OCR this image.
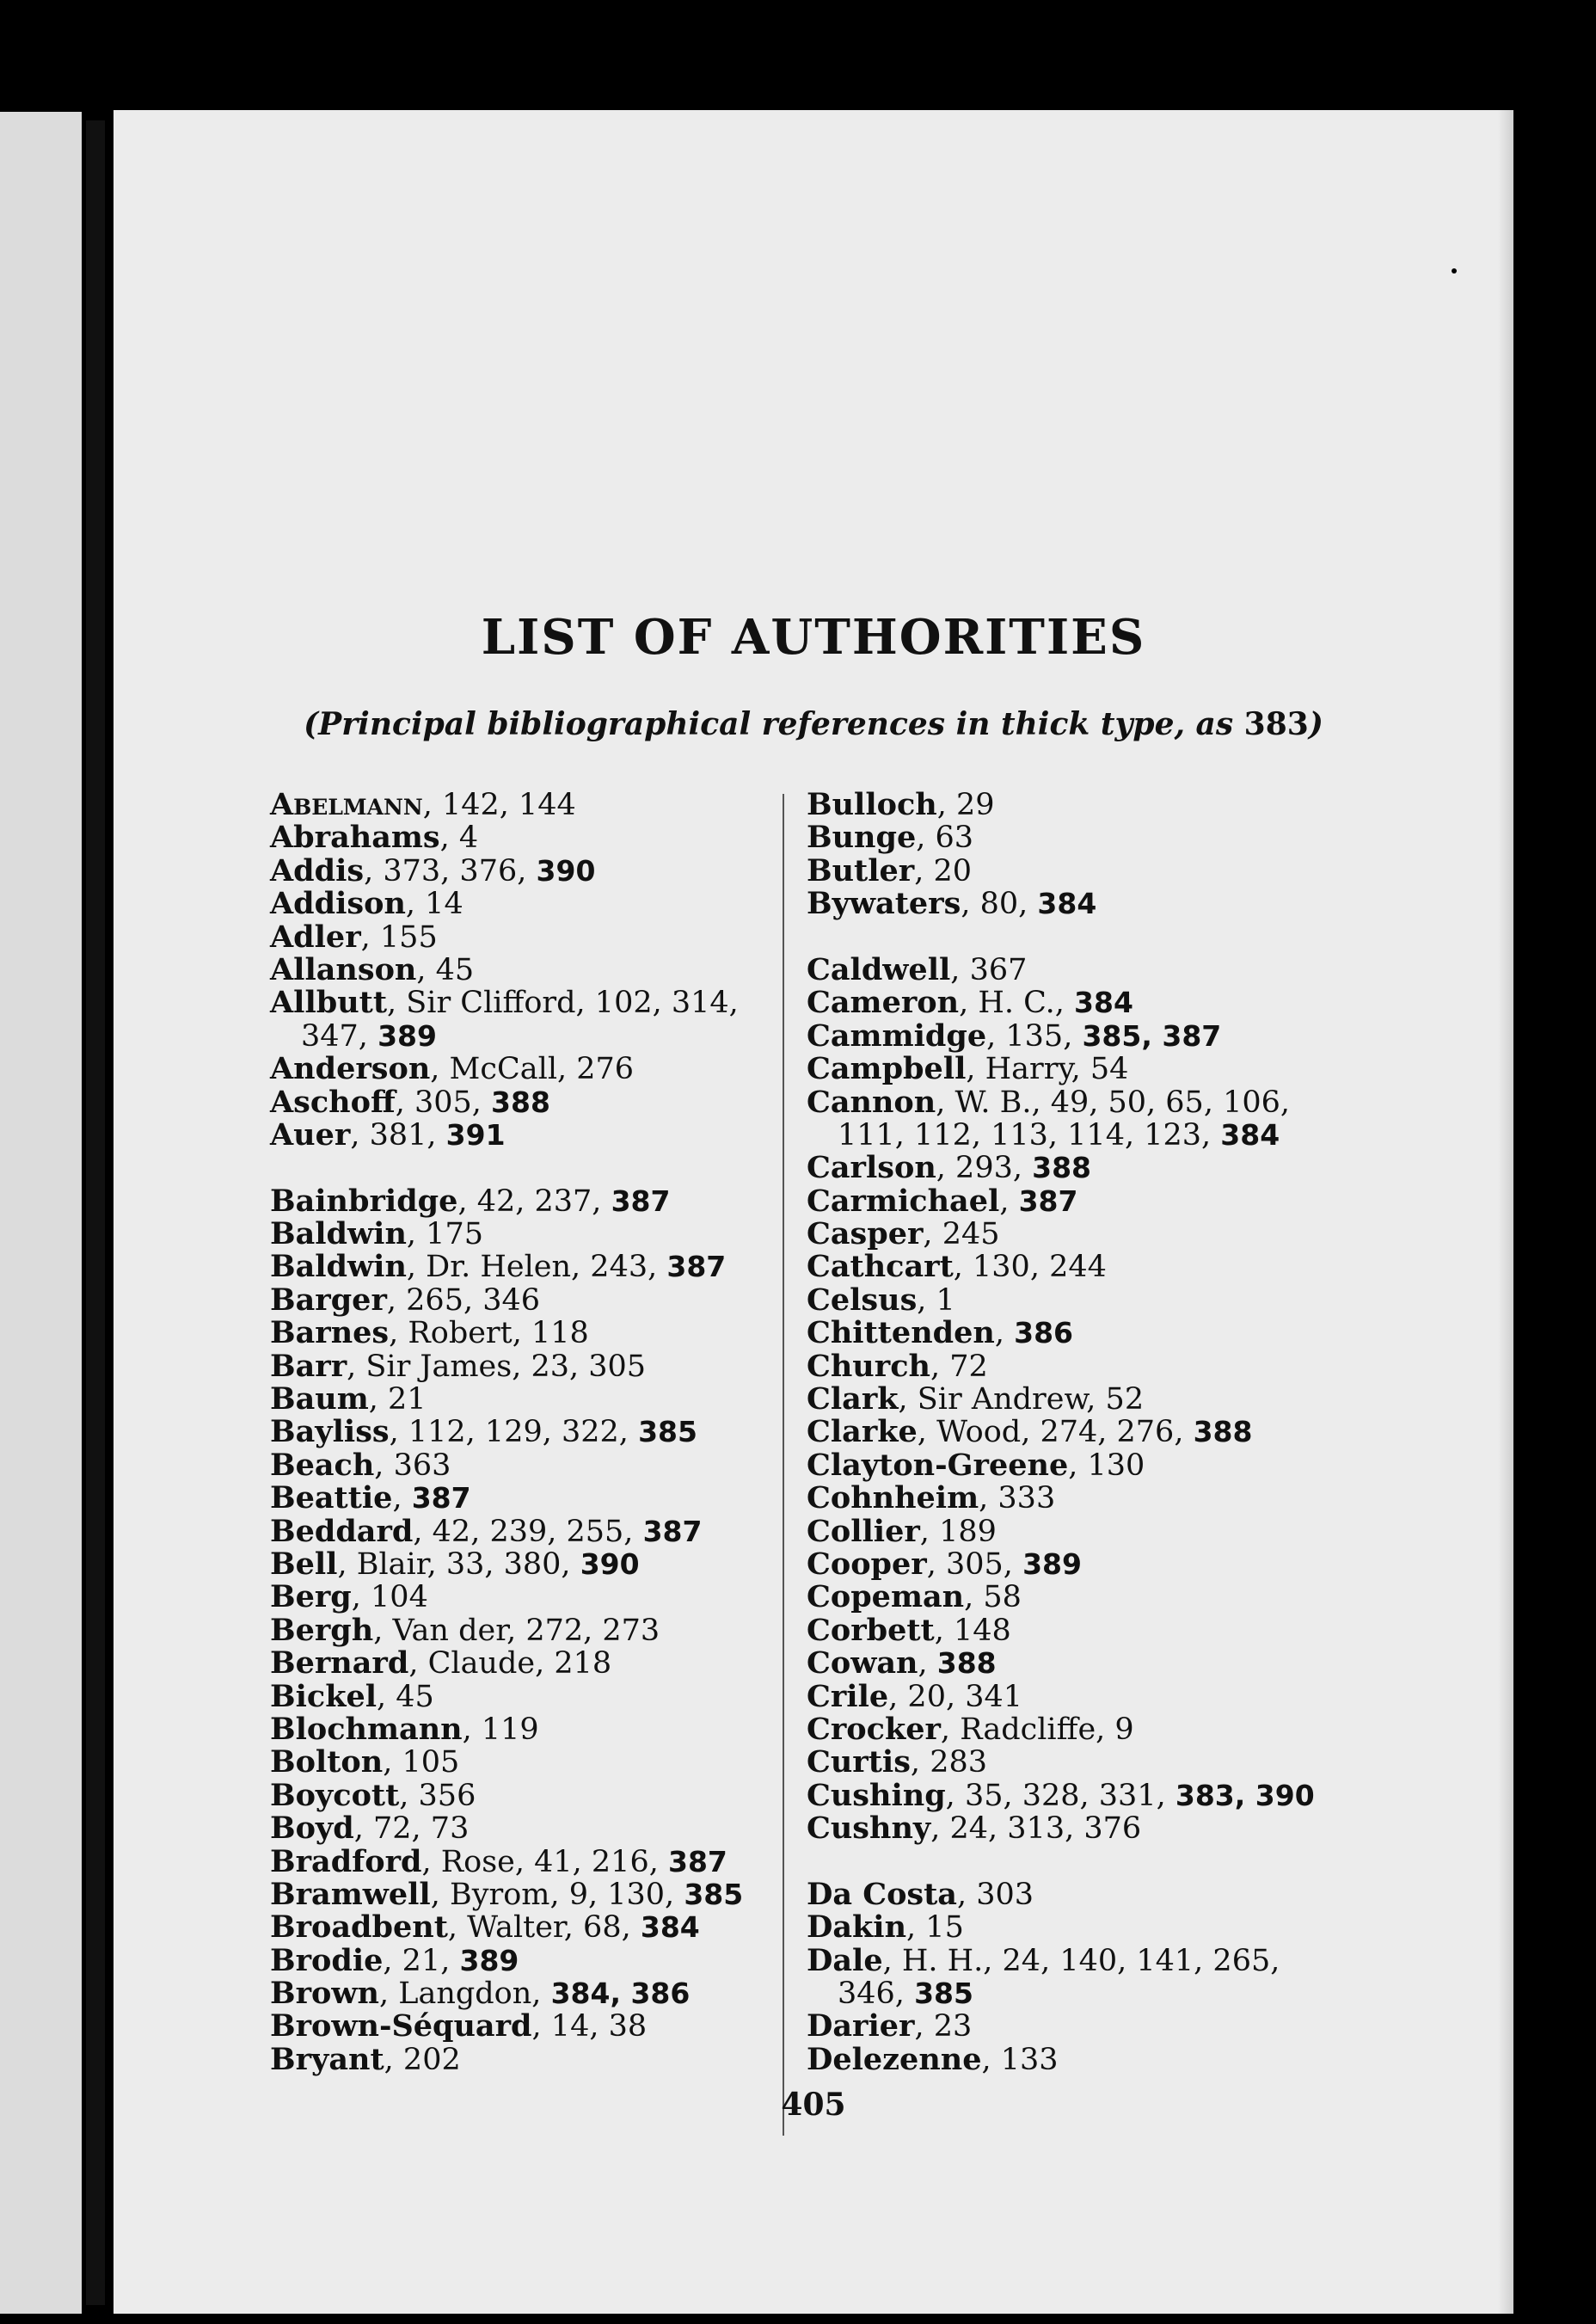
LIST OF AUTHORITIES
(Principal bibliographical references in thick type, as 383)
Abelmann, 142, 144
Abrahams, 4
Addis, 373, 376, 390
Addison, 14
Adler, 155
Allanson, 45
Allbutt, Sir Clifford, 102, 314,
347, 389
Anderson, McCall, 276
Aschoff, 305, 388
Auer, 381, 391
Bainbridge, 42, 237, 387
Baldwin, 175
Baldwin, Dr. Helen, 243, 387
Barger, 265, 346
Barnes, Robert, 118
Barr, Sir James, 23, 305
Baum, 21
Bayliss, 112, 129, 322, 385
Beach, 363
Beattie, 387
Beddard, 42, 239, 255, 387
Bell, Blair, 33, 380, 390
Berg, 104
Bergh, Van der, 272, 273
Bernard, Claude, 218
Bickel, 45
Blochmann, 119
Bolton, 105
Boycott, 356
Boyd, 72, 73
Bradford, Rose, 41, 216, 387
Bramwell, Byrom, 9, 130, 385
Broadbent, Walter, 68, 384
Brodie, 21, 389
Brown, Langdon, 384, 386
Brown-Séquard, 14, 38
Bryant, 202
Bulloch, 29
Bunge, 63
Butler, 20
Bywaters, 80, 384
Caldwell, 367
Cameron, H. C., 384
Cammidge, 135, 385, 387
Campbell, Harry, 54
Cannon, W. B., 49, 50, 65, 106,
111, 112, 113, 114, 123, 384
Carlson, 293, 388
Carmichael, 387
Casper, 245
Cathcart, 130, 244
Celsus, 1
Chittenden, 386
Church, 72
Clark, Sir Andrew, 52
Clarke, Wood, 274, 276, 388
Clayton-Greene, 130
Cohnheim, 333
Collier, 189
Cooper, 305, 389
Copeman, 58
Corbett, 148
Cowan, 388
Crile, 20, 341
Crocker, Radcliffe, 9
Curtis, 283
Cushing, 35, 328, 331, 383, 390
Cushny, 24, 313, 376
Da Costa, 303
Dakin, 15
Dale, H. H., 24, 140, 141, 265,
346, 385
Darier, 23
Delezenne, 133
405
